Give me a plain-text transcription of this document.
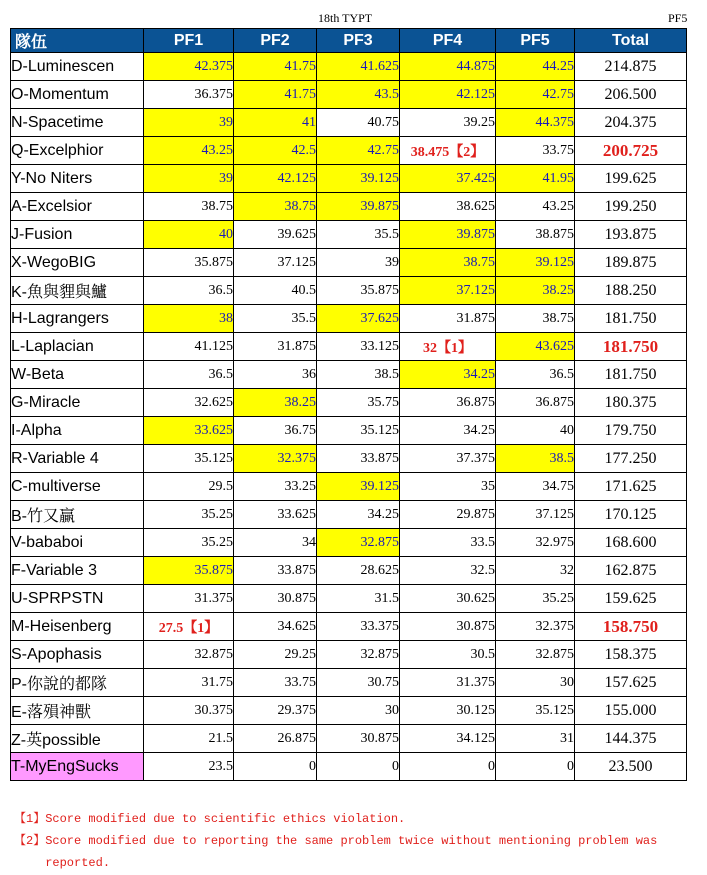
18th TYPT	PF5
隊伍	PF1	PF2	PF3	PF4	PF5	Total
D-Luminescen	42.375	41.75	41.625	44.875	44.25	214.875
O-Momentum	36.375	41.75	43.5	42.125	42.75	206.500
N-Spacetime	39	41	40.75	39.25	44.375	204.375
Q-Excelphior	43.25	42.5	42.75	38.475【2】	33.75	200.725
Y-No Niters	39	42.125	39.125	37.425	41.95	199.625
A-Excelsior	38.75	38.75	39.875	38.625	43.25	199.250
J-Fusion	40	39.625	35.5	39.875	38.875	193.875
X-WegoBIG	35.875	37.125	39	38.75	39.125	189.875
K-魚與貍與鱸	36.5	40.5	35.875	37.125	38.25	188.250
H-Lagrangers	38	35.5	37.625	31.875	38.75	181.750
L-Laplacian	41.125	31.875	33.125	32【1】	43.625	181.750
W-Beta	36.5	36	38.5	34.25	36.5	181.750
G-Miracle	32.625	38.25	35.75	36.875	36.875	180.375
I-Alpha	33.625	36.75	35.125	34.25	40	179.750
R-Variable 4	35.125	32.375	33.875	37.375	38.5	177.250
C-multiverse	29.5	33.25	39.125	35	34.75	171.625
B-竹又贏	35.25	33.625	34.25	29.875	37.125	170.125
V-bababoi	35.25	34	32.875	33.5	32.975	168.600
F-Variable 3	35.875	33.875	28.625	32.5	32	162.875
U-SPRPSTN	31.375	30.875	31.5	30.625	35.25	159.625
M-Heisenberg	27.5【1】	34.625	33.375	30.875	32.375	158.750
S-Apophasis	32.875	29.25	32.875	30.5	32.875	158.375
P-你說的都隊	31.75	33.75	30.75	31.375	30	157.625
E-落殞神獸	30.375	29.375	30	30.125	35.125	155.000
Z-英possible	21.5	26.875	30.875	34.125	31	144.375
T-MyEngSucks	23.5	0	0	0	0	23.500
【1】 Score modified due to scientific ethics violation.
【2】 Score modified due to reporting the same problem twice without mentioning problem was reported.
